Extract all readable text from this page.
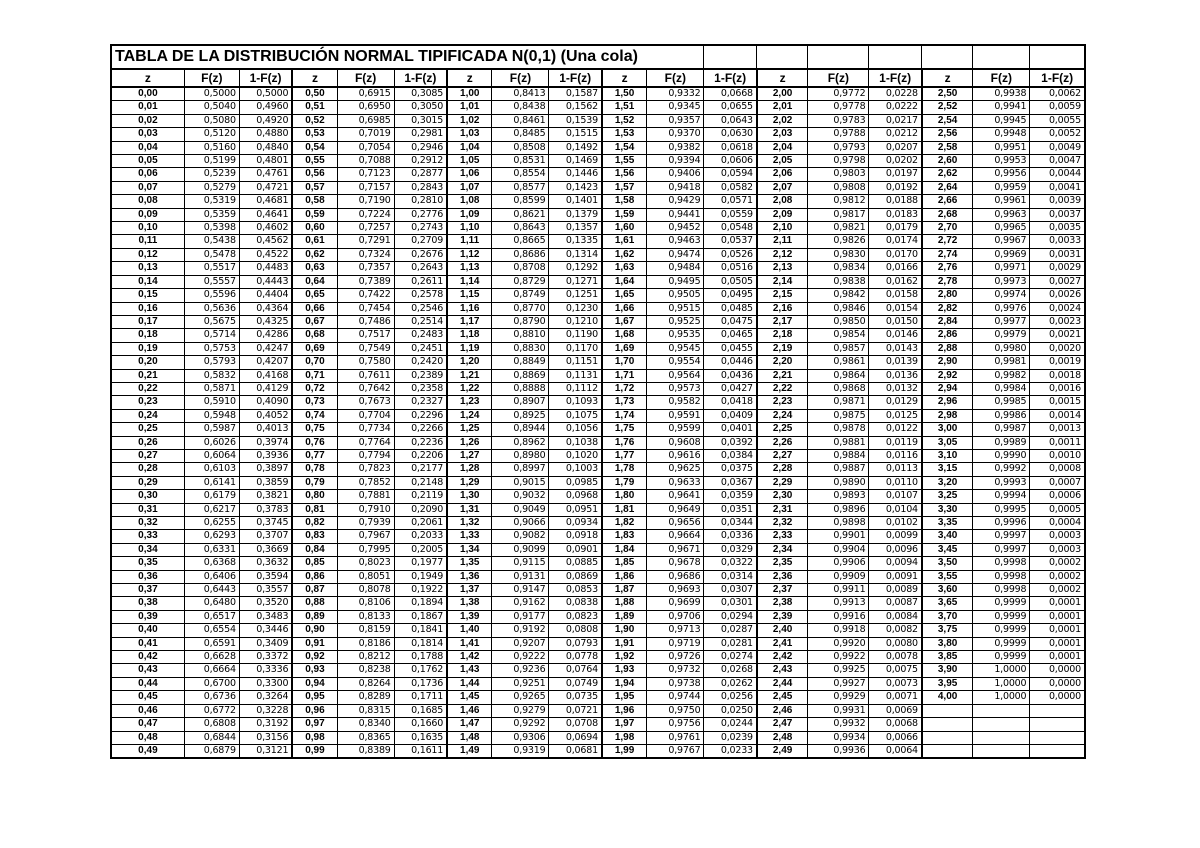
TABLA DE LA DISTRIBUCIÓN NORMAL TIPIFICADA N(0,1) (Una cola)																	
z	F(z)	1-F(z)	z	F(z)	1-F(z)	z	F(z)	1-F(z)	z	F(z)	1-F(z)	z	F(z)	1-F(z)	z	F(z)	1-F(z)
0,00	0,5000	0,5000	0,50	0,6915	0,3085	1,00	0,8413	0,1587	1,50	0,9332	0,0668	2,00	0,9772	0,0228	2,50	0,9938	0,0062
0,01	0,5040	0,4960	0,51	0,6950	0,3050	1,01	0,8438	0,1562	1,51	0,9345	0,0655	2,01	0,9778	0,0222	2,52	0,9941	0,0059
0,02	0,5080	0,4920	0,52	0,6985	0,3015	1,02	0,8461	0,1539	1,52	0,9357	0,0643	2,02	0,9783	0,0217	2,54	0,9945	0,0055
0,03	0,5120	0,4880	0,53	0,7019	0,2981	1,03	0,8485	0,1515	1,53	0,9370	0,0630	2,03	0,9788	0,0212	2,56	0,9948	0,0052
0,04	0,5160	0,4840	0,54	0,7054	0,2946	1,04	0,8508	0,1492	1,54	0,9382	0,0618	2,04	0,9793	0,0207	2,58	0,9951	0,0049
0,05	0,5199	0,4801	0,55	0,7088	0,2912	1,05	0,8531	0,1469	1,55	0,9394	0,0606	2,05	0,9798	0,0202	2,60	0,9953	0,0047
0,06	0,5239	0,4761	0,56	0,7123	0,2877	1,06	0,8554	0,1446	1,56	0,9406	0,0594	2,06	0,9803	0,0197	2,62	0,9956	0,0044
0,07	0,5279	0,4721	0,57	0,7157	0,2843	1,07	0,8577	0,1423	1,57	0,9418	0,0582	2,07	0,9808	0,0192	2,64	0,9959	0,0041
0,08	0,5319	0,4681	0,58	0,7190	0,2810	1,08	0,8599	0,1401	1,58	0,9429	0,0571	2,08	0,9812	0,0188	2,66	0,9961	0,0039
0,09	0,5359	0,4641	0,59	0,7224	0,2776	1,09	0,8621	0,1379	1,59	0,9441	0,0559	2,09	0,9817	0,0183	2,68	0,9963	0,0037
0,10	0,5398	0,4602	0,60	0,7257	0,2743	1,10	0,8643	0,1357	1,60	0,9452	0,0548	2,10	0,9821	0,0179	2,70	0,9965	0,0035
0,11	0,5438	0,4562	0,61	0,7291	0,2709	1,11	0,8665	0,1335	1,61	0,9463	0,0537	2,11	0,9826	0,0174	2,72	0,9967	0,0033
0,12	0,5478	0,4522	0,62	0,7324	0,2676	1,12	0,8686	0,1314	1,62	0,9474	0,0526	2,12	0,9830	0,0170	2,74	0,9969	0,0031
0,13	0,5517	0,4483	0,63	0,7357	0,2643	1,13	0,8708	0,1292	1,63	0,9484	0,0516	2,13	0,9834	0,0166	2,76	0,9971	0,0029
0,14	0,5557	0,4443	0,64	0,7389	0,2611	1,14	0,8729	0,1271	1,64	0,9495	0,0505	2,14	0,9838	0,0162	2,78	0,9973	0,0027
0,15	0,5596	0,4404	0,65	0,7422	0,2578	1,15	0,8749	0,1251	1,65	0,9505	0,0495	2,15	0,9842	0,0158	2,80	0,9974	0,0026
0,16	0,5636	0,4364	0,66	0,7454	0,2546	1,16	0,8770	0,1230	1,66	0,9515	0,0485	2,16	0,9846	0,0154	2,82	0,9976	0,0024
0,17	0,5675	0,4325	0,67	0,7486	0,2514	1,17	0,8790	0,1210	1,67	0,9525	0,0475	2,17	0,9850	0,0150	2,84	0,9977	0,0023
0,18	0,5714	0,4286	0,68	0,7517	0,2483	1,18	0,8810	0,1190	1,68	0,9535	0,0465	2,18	0,9854	0,0146	2,86	0,9979	0,0021
0,19	0,5753	0,4247	0,69	0,7549	0,2451	1,19	0,8830	0,1170	1,69	0,9545	0,0455	2,19	0,9857	0,0143	2,88	0,9980	0,0020
0,20	0,5793	0,4207	0,70	0,7580	0,2420	1,20	0,8849	0,1151	1,70	0,9554	0,0446	2,20	0,9861	0,0139	2,90	0,9981	0,0019
0,21	0,5832	0,4168	0,71	0,7611	0,2389	1,21	0,8869	0,1131	1,71	0,9564	0,0436	2,21	0,9864	0,0136	2,92	0,9982	0,0018
0,22	0,5871	0,4129	0,72	0,7642	0,2358	1,22	0,8888	0,1112	1,72	0,9573	0,0427	2,22	0,9868	0,0132	2,94	0,9984	0,0016
0,23	0,5910	0,4090	0,73	0,7673	0,2327	1,23	0,8907	0,1093	1,73	0,9582	0,0418	2,23	0,9871	0,0129	2,96	0,9985	0,0015
0,24	0,5948	0,4052	0,74	0,7704	0,2296	1,24	0,8925	0,1075	1,74	0,9591	0,0409	2,24	0,9875	0,0125	2,98	0,9986	0,0014
0,25	0,5987	0,4013	0,75	0,7734	0,2266	1,25	0,8944	0,1056	1,75	0,9599	0,0401	2,25	0,9878	0,0122	3,00	0,9987	0,0013
0,26	0,6026	0,3974	0,76	0,7764	0,2236	1,26	0,8962	0,1038	1,76	0,9608	0,0392	2,26	0,9881	0,0119	3,05	0,9989	0,0011
0,27	0,6064	0,3936	0,77	0,7794	0,2206	1,27	0,8980	0,1020	1,77	0,9616	0,0384	2,27	0,9884	0,0116	3,10	0,9990	0,0010
0,28	0,6103	0,3897	0,78	0,7823	0,2177	1,28	0,8997	0,1003	1,78	0,9625	0,0375	2,28	0,9887	0,0113	3,15	0,9992	0,0008
0,29	0,6141	0,3859	0,79	0,7852	0,2148	1,29	0,9015	0,0985	1,79	0,9633	0,0367	2,29	0,9890	0,0110	3,20	0,9993	0,0007
0,30	0,6179	0,3821	0,80	0,7881	0,2119	1,30	0,9032	0,0968	1,80	0,9641	0,0359	2,30	0,9893	0,0107	3,25	0,9994	0,0006
0,31	0,6217	0,3783	0,81	0,7910	0,2090	1,31	0,9049	0,0951	1,81	0,9649	0,0351	2,31	0,9896	0,0104	3,30	0,9995	0,0005
0,32	0,6255	0,3745	0,82	0,7939	0,2061	1,32	0,9066	0,0934	1,82	0,9656	0,0344	2,32	0,9898	0,0102	3,35	0,9996	0,0004
0,33	0,6293	0,3707	0,83	0,7967	0,2033	1,33	0,9082	0,0918	1,83	0,9664	0,0336	2,33	0,9901	0,0099	3,40	0,9997	0,0003
0,34	0,6331	0,3669	0,84	0,7995	0,2005	1,34	0,9099	0,0901	1,84	0,9671	0,0329	2,34	0,9904	0,0096	3,45	0,9997	0,0003
0,35	0,6368	0,3632	0,85	0,8023	0,1977	1,35	0,9115	0,0885	1,85	0,9678	0,0322	2,35	0,9906	0,0094	3,50	0,9998	0,0002
0,36	0,6406	0,3594	0,86	0,8051	0,1949	1,36	0,9131	0,0869	1,86	0,9686	0,0314	2,36	0,9909	0,0091	3,55	0,9998	0,0002
0,37	0,6443	0,3557	0,87	0,8078	0,1922	1,37	0,9147	0,0853	1,87	0,9693	0,0307	2,37	0,9911	0,0089	3,60	0,9998	0,0002
0,38	0,6480	0,3520	0,88	0,8106	0,1894	1,38	0,9162	0,0838	1,88	0,9699	0,0301	2,38	0,9913	0,0087	3,65	0,9999	0,0001
0,39	0,6517	0,3483	0,89	0,8133	0,1867	1,39	0,9177	0,0823	1,89	0,9706	0,0294	2,39	0,9916	0,0084	3,70	0,9999	0,0001
0,40	0,6554	0,3446	0,90	0,8159	0,1841	1,40	0,9192	0,0808	1,90	0,9713	0,0287	2,40	0,9918	0,0082	3,75	0,9999	0,0001
0,41	0,6591	0,3409	0,91	0,8186	0,1814	1,41	0,9207	0,0793	1,91	0,9719	0,0281	2,41	0,9920	0,0080	3,80	0,9999	0,0001
0,42	0,6628	0,3372	0,92	0,8212	0,1788	1,42	0,9222	0,0778	1,92	0,9726	0,0274	2,42	0,9922	0,0078	3,85	0,9999	0,0001
0,43	0,6664	0,3336	0,93	0,8238	0,1762	1,43	0,9236	0,0764	1,93	0,9732	0,0268	2,43	0,9925	0,0075	3,90	1,0000	0,0000
0,44	0,6700	0,3300	0,94	0,8264	0,1736	1,44	0,9251	0,0749	1,94	0,9738	0,0262	2,44	0,9927	0,0073	3,95	1,0000	0,0000
0,45	0,6736	0,3264	0,95	0,8289	0,1711	1,45	0,9265	0,0735	1,95	0,9744	0,0256	2,45	0,9929	0,0071	4,00	1,0000	0,0000
0,46	0,6772	0,3228	0,96	0,8315	0,1685	1,46	0,9279	0,0721	1,96	0,9750	0,0250	2,46	0,9931	0,0069			
0,47	0,6808	0,3192	0,97	0,8340	0,1660	1,47	0,9292	0,0708	1,97	0,9756	0,0244	2,47	0,9932	0,0068			
0,48	0,6844	0,3156	0,98	0,8365	0,1635	1,48	0,9306	0,0694	1,98	0,9761	0,0239	2,48	0,9934	0,0066			
0,49	0,6879	0,3121	0,99	0,8389	0,1611	1,49	0,9319	0,0681	1,99	0,9767	0,0233	2,49	0,9936	0,0064			
